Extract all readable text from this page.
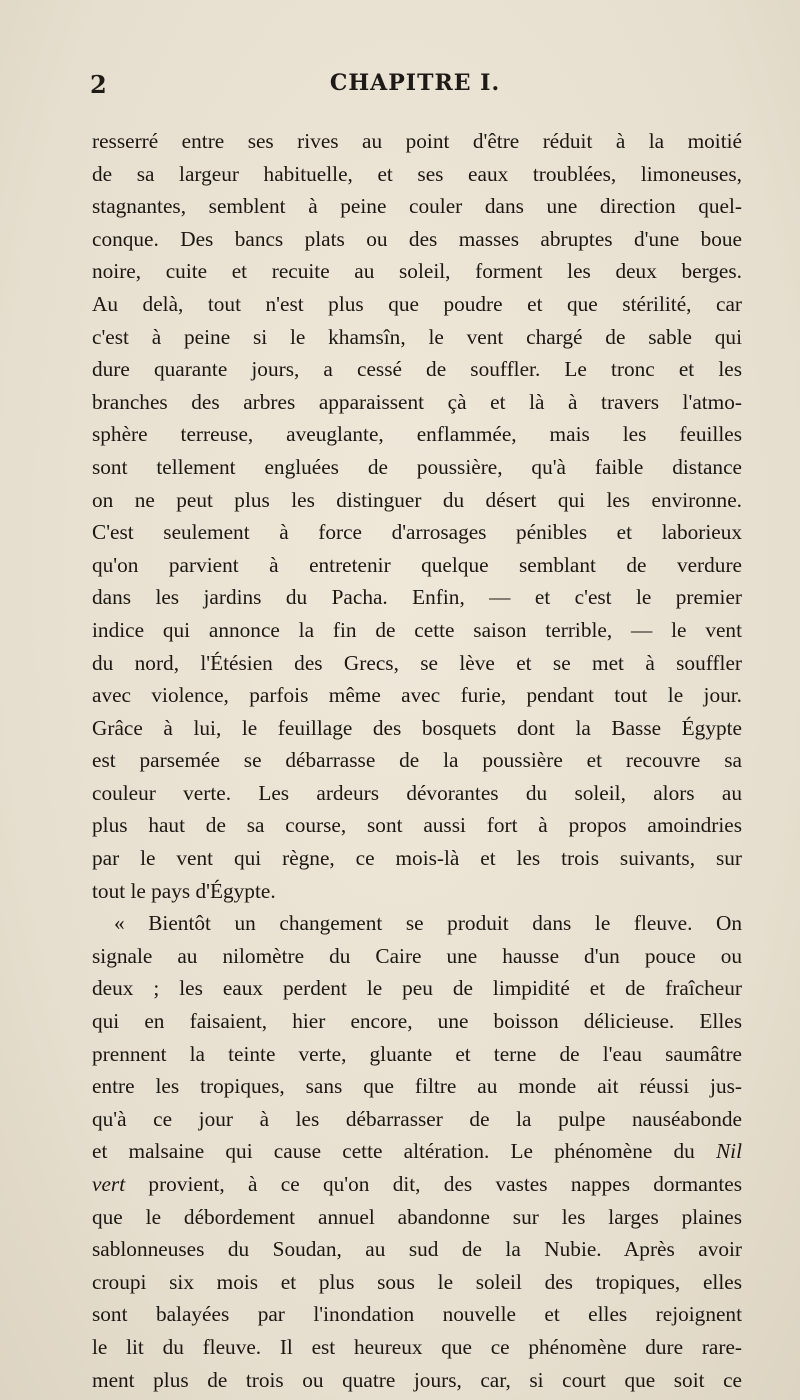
2	CHAPITRE I.
resserré entre ses rives au point d'être réduit à la moitié
de sa largeur habituelle, et ses eaux troublées, limoneuses,
stagnantes, semblent à peine couler dans une direction quel-
conque. Des bancs plats ou des masses abruptes d'une boue
noire, cuite et recuite au soleil, forment les deux berges.
Au delà, tout n'est plus que poudre et que stérilité, car
c'est à peine si le khamsîn, le vent chargé de sable qui
dure quarante jours, a cessé de souffler. Le tronc et les
branches des arbres apparaissent çà et là à travers l'atmo-
sphère terreuse, aveuglante, enflammée, mais les feuilles
sont tellement engluées de poussière, qu'à faible distance
on ne peut plus les distinguer du désert qui les environne.
C'est seulement à force d'arrosages pénibles et laborieux
qu'on parvient à entretenir quelque semblant de verdure
dans les jardins du Pacha. Enfin, — et c'est le premier
indice qui annonce la fin de cette saison terrible, — le vent
du nord, l'Étésien des Grecs, se lève et se met à souffler
avec violence, parfois même avec furie, pendant tout le jour.
Grâce à lui, le feuillage des bosquets dont la Basse Égypte
est parsemée se débarrasse de la poussière et recouvre sa
couleur verte. Les ardeurs dévorantes du soleil, alors au
plus haut de sa course, sont aussi fort à propos amoindries
par le vent qui règne, ce mois-là et les trois suivants, sur
tout le pays d'Égypte.
« Bientôt un changement se produit dans le fleuve. On
signale au nilomètre du Caire une hausse d'un pouce ou
deux ; les eaux perdent le peu de limpidité et de fraîcheur
qui en faisaient, hier encore, une boisson délicieuse. Elles
prennent la teinte verte, gluante et terne de l'eau saumâtre
entre les tropiques, sans que filtre au monde ait réussi jus-
qu'à ce jour à les débarrasser de la pulpe nauséabonde
et malsaine qui cause cette altération. Le phénomène du Nil
vert provient, à ce qu'on dit, des vastes nappes dormantes
que le débordement annuel abandonne sur les larges plaines
sablonneuses du Soudan, au sud de la Nubie. Après avoir
croupi six mois et plus sous le soleil des tropiques, elles
sont balayées par l'inondation nouvelle et elles rejoignent
le lit du fleuve. Il est heureux que ce phénomène dure rare-
ment plus de trois ou quatre jours, car, si court que soit ce
